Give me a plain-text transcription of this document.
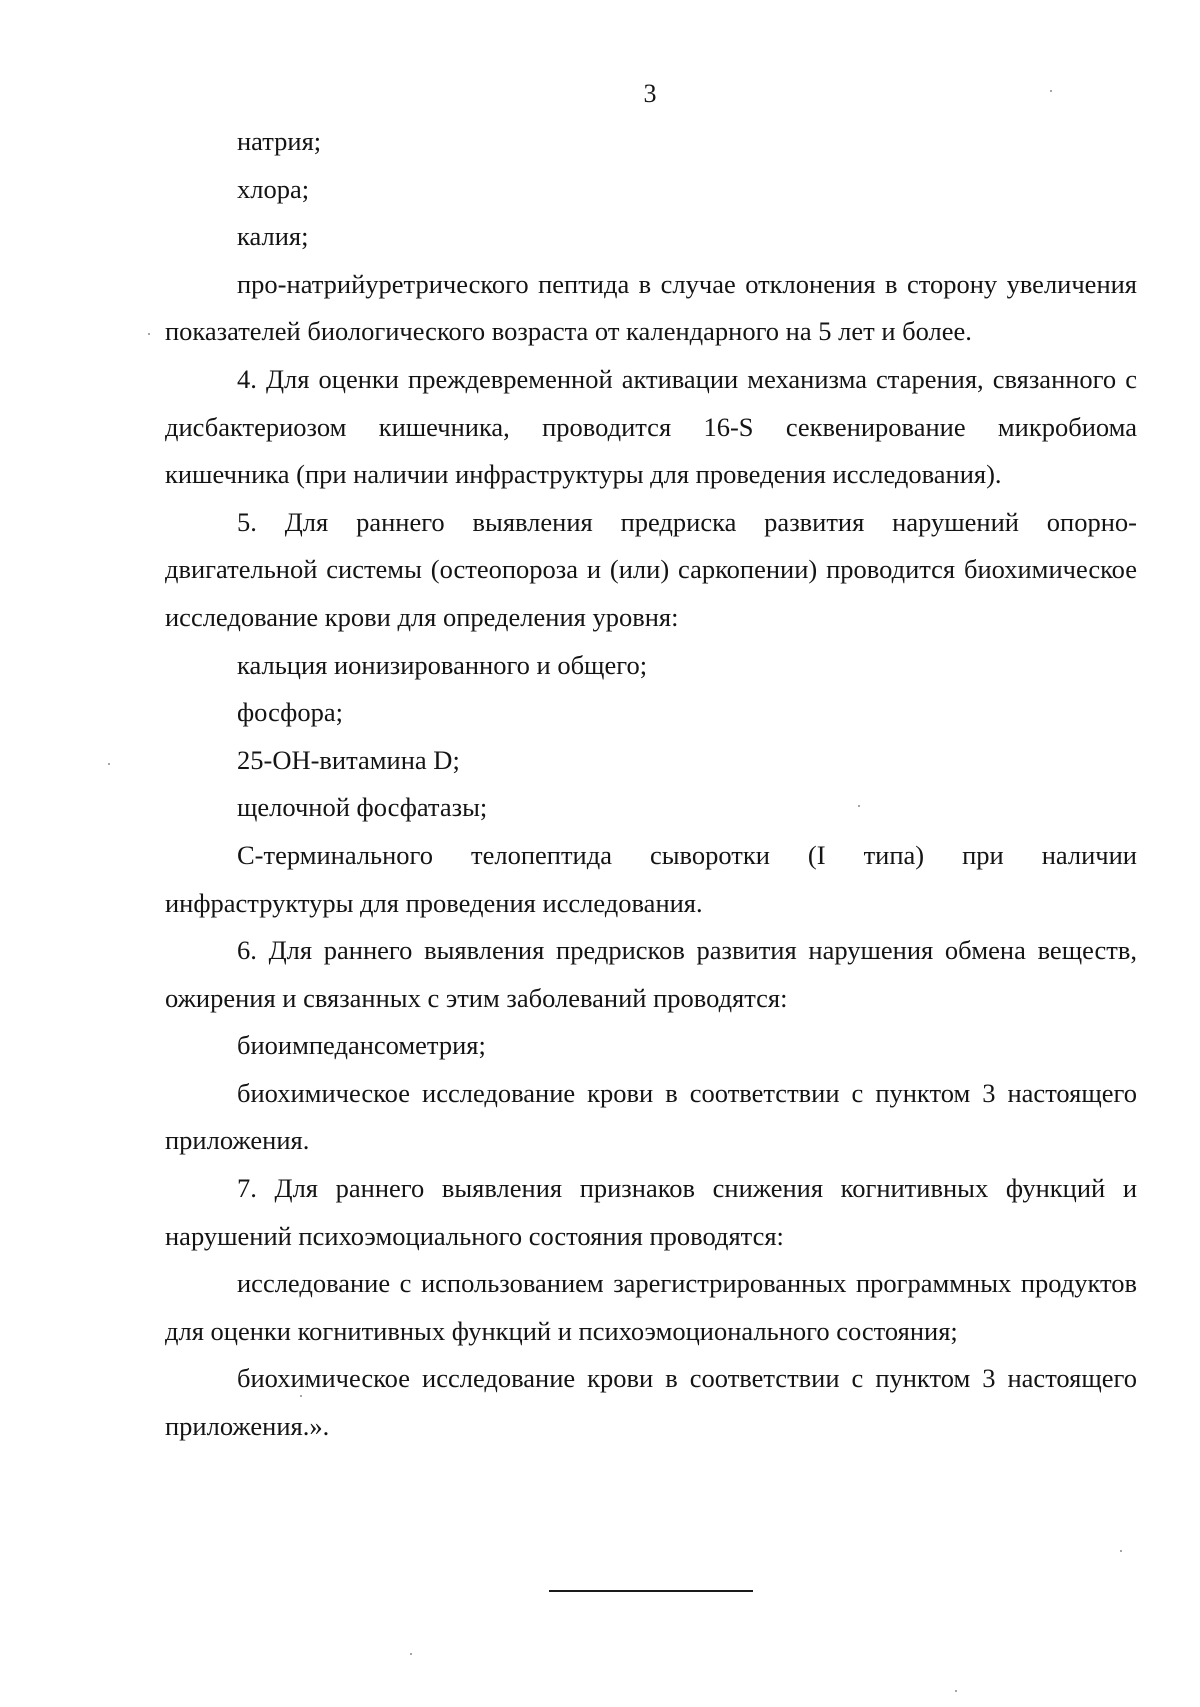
3

натрия;

хлора;

калия;

про-натрийуретрического пептида в случае отклонения в сторону увеличения показателей биологического возраста от календарного на 5 лет и более.

4. Для оценки преждевременной активации механизма старения, связанного с дисбактериозом кишечника, проводится 16-S секвенирование микробиома кишечника (при наличии инфраструктуры для проведения исследования).

5. Для раннего выявления предриска развития нарушений опорно-двигательной системы (остеопороза и (или) саркопении) проводится биохимическое исследование крови для определения уровня:

кальция ионизированного и общего;

фосфора;

25-ОН-витамина D;

щелочной фосфатазы;

С-терминального телопептида сыворотки (I типа) при наличии инфраструктуры для проведения исследования.

6. Для раннего выявления предрисков развития нарушения обмена веществ, ожирения и связанных с этим заболеваний проводятся:

биоимпедансометрия;

биохимическое исследование крови в соответствии с пунктом 3 настоящего приложения.

7. Для раннего выявления признаков снижения когнитивных функций и нарушений психоэмоциального состояния проводятся:

исследование с использованием зарегистрированных программных продуктов для оценки когнитивных функций и психоэмоционального состояния;

биохимическое исследование крови в соответствии с пунктом 3 настоящего приложения.».
